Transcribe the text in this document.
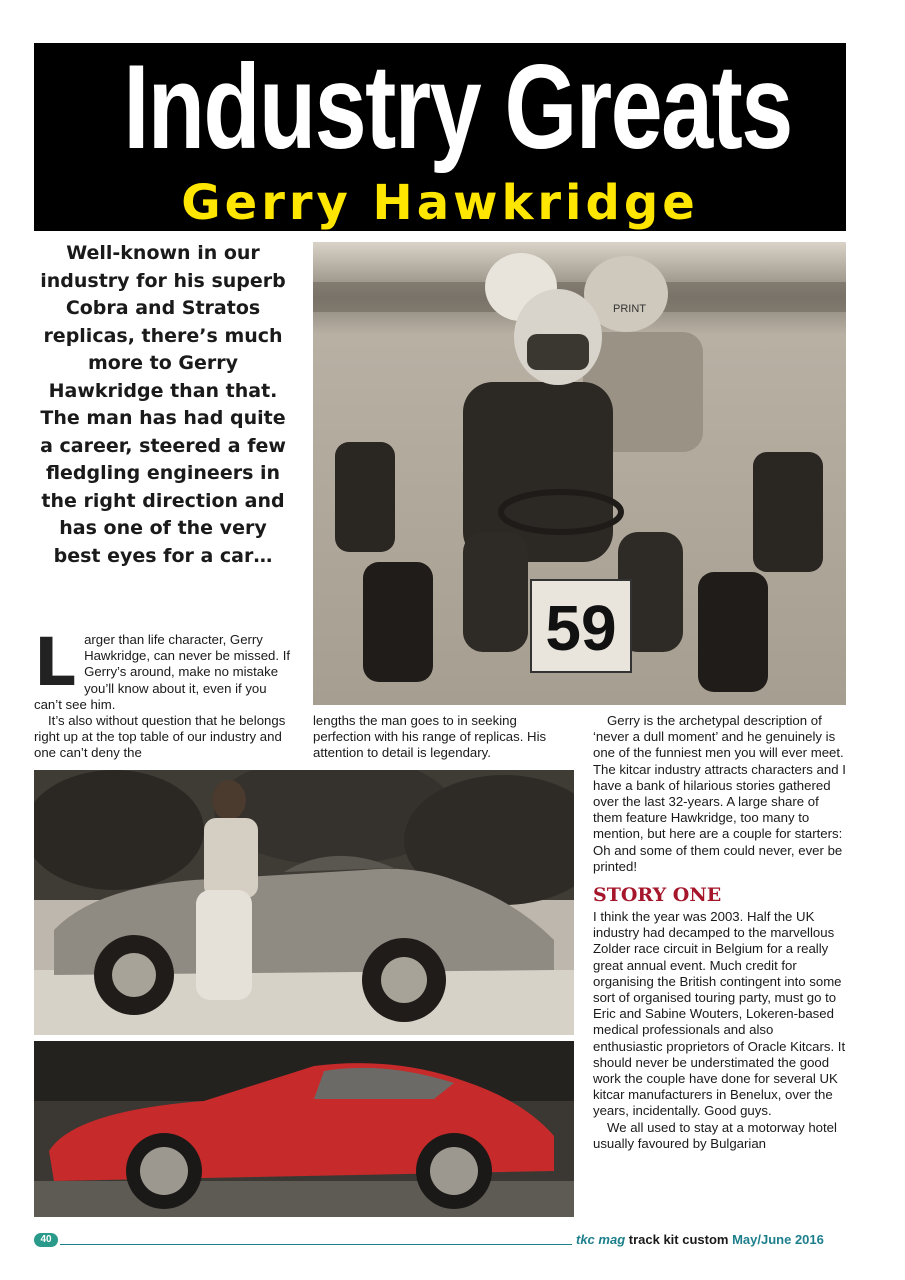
Industry Greats
Gerry Hawkridge
Well-known in our industry for his superb Cobra and Stratos replicas, there’s much more to Gerry Hawkridge than that. The man has had quite a career, steered a few fledgling engineers in the right direction and has one of the very best eyes for a car…
PRINT
59
L arger than life character, Gerry Hawkridge, can never be missed. If Gerry’s around, make no mistake you’ll know about it, even if you can’t see him.

It’s also without question that he belongs right up at the top table of our industry and one can’t deny the

lengths the man goes to in seeking perfection with his range of replicas. His attention to detail is legendary.

Gerry is the archetypal description of ‘never a dull moment’ and he genuinely is one of the funniest men you will ever meet. The kitcar industry attracts characters and I have a bank of hilarious stories gathered over the last 32-years. A large share of them feature Hawkridge, too many to mention, but here are a couple for starters: Oh and some of them could never, ever be printed!

STORY ONE

I think the year was 2003. Half the UK industry had decamped to the marvellous Zolder race circuit in Belgium for a really great annual event. Much credit for organising the British contingent into some sort of organised touring party, must go to Eric and Sabine Wouters, Lokeren-based medical professionals and also enthusiastic proprietors of Oracle Kitcars. It should never be understimated the good work the couple have done for several UK kitcar manufacturers in Benelux, over the years, incidentally. Good guys.

We all used to stay at a motorway hotel usually favoured by Bulgarian

40	tkc mag track kit custom May/June 2016
